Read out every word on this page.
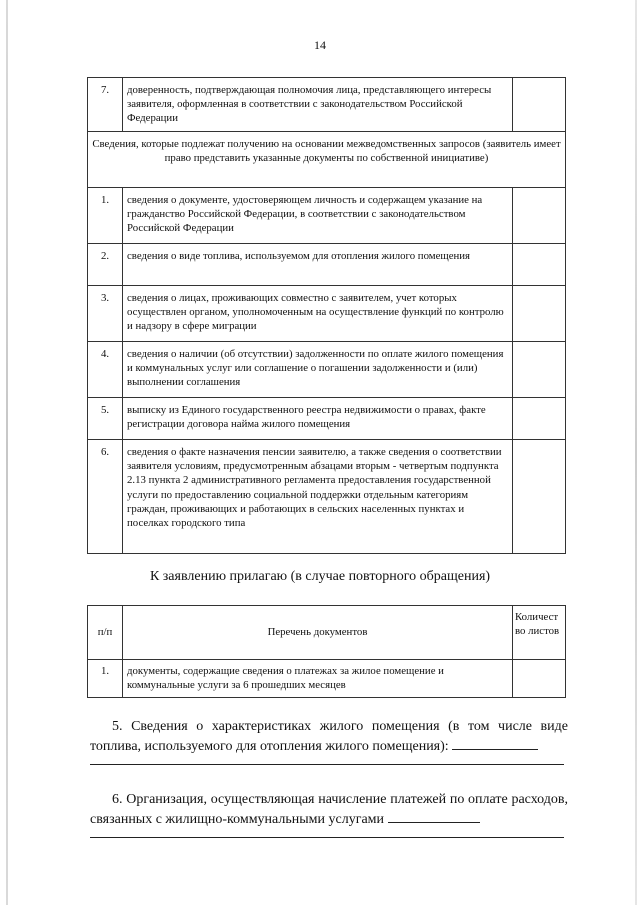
14
7.	доверенность, подтверждающая полномочия лица, представляющего интересы заявителя, оформленная в соответствии с законодательством Российской Федерации	
Сведения, которые подлежат получению на основании межведомственных запросов (заявитель имеет право представить указанные документы по собственной инициативе)		
1.	сведения о документе, удостоверяющем личность и содержащем указание на гражданство Российской Федерации, в соответствии с законодательством Российской Федерации	
2.	сведения о виде топлива, используемом для отопления жилого помещения	
3.	сведения о лицах, проживающих совместно с заявителем, учет которых осуществлен органом, уполномоченным на осуществление функций по контролю и надзору в сфере миграции	
4.	сведения о наличии (об отсутствии) задолженности по оплате жилого помещения и коммунальных услуг или соглашение о погашении задолженности и (или) выполнении соглашения	
5.	выписку из Единого государственного реестра недвижимости о правах, факте регистрации договора найма жилого помещения	
6.	сведения о факте назначения пенсии заявителю, а также сведения о соответствии заявителя условиям, предусмотренным абзацами вторым - четвертым подпункта 2.13 пункта 2 административного регламента предоставления государственной услуги по предоставлению социальной поддержки отдельным категориям граждан, проживающих и работающих в сельских населенных пунктах и поселках городского типа	
К заявлению прилагаю (в случае повторного обращения)
п/п	Перечень документов	Количество листов
1.	документы, содержащие сведения о платежах за жилое помещение и коммунальные услуги за 6 прошедших месяцев	
5. Сведения о характеристиках жилого помещения (в том числе виде топлива, используемого для отопления жилого помещения):
6. Организация, осуществляющая начисление платежей по оплате расходов, связанных с жилищно-коммунальными услугами
